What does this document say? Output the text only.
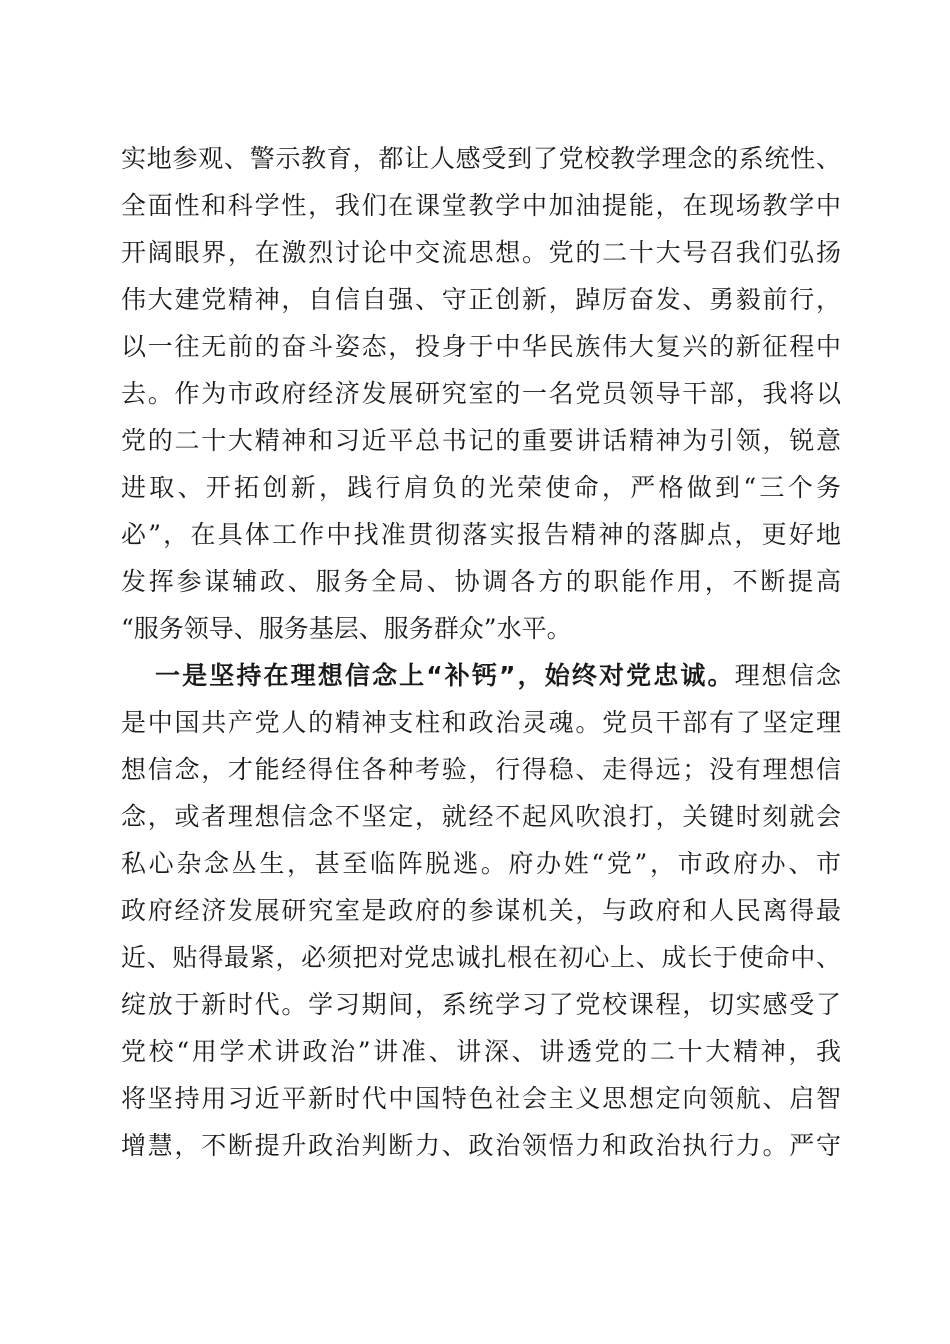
实地参观、警示教育，都让人感受到了党校教学理念的系统性、
全面性和科学性，我们在课堂教学中加油提能，在现场教学中
开阔眼界，在激烈讨论中交流思想。党的二十大号召我们弘扬
伟大建党精神，自信自强、守正创新，踔厉奋发、勇毅前行，
以一往无前的奋斗姿态，投身于中华民族伟大复兴的新征程中
去。作为市政府经济发展研究室的一名党员领导干部，我将以
党的二十大精神和习近平总书记的重要讲话精神为引领，锐意
进取、开拓创新，践行肩负的光荣使命，严格做到“三个务
必”，在具体工作中找准贯彻落实报告精神的落脚点，更好地
发挥参谋辅政、服务全局、协调各方的职能作用，不断提高
“服务领导、服务基层、服务群众”水平。
一是坚持在理想信念上“补钙”，始终对党忠诚。理想信念
是中国共产党人的精神支柱和政治灵魂。党员干部有了坚定理
想信念，才能经得住各种考验，行得稳、走得远；没有理想信
念，或者理想信念不坚定，就经不起风吹浪打，关键时刻就会
私心杂念丛生，甚至临阵脱逃。府办姓“党”，市政府办、市
政府经济发展研究室是政府的参谋机关，与政府和人民离得最
近、贴得最紧，必须把对党忠诚扎根在初心上、成长于使命中、
绽放于新时代。学习期间，系统学习了党校课程，切实感受了
党校“用学术讲政治”讲准、讲深、讲透党的二十大精神，我
将坚持用习近平新时代中国特色社会主义思想定向领航、启智
增慧，不断提升政治判断力、政治领悟力和政治执行力。严守
